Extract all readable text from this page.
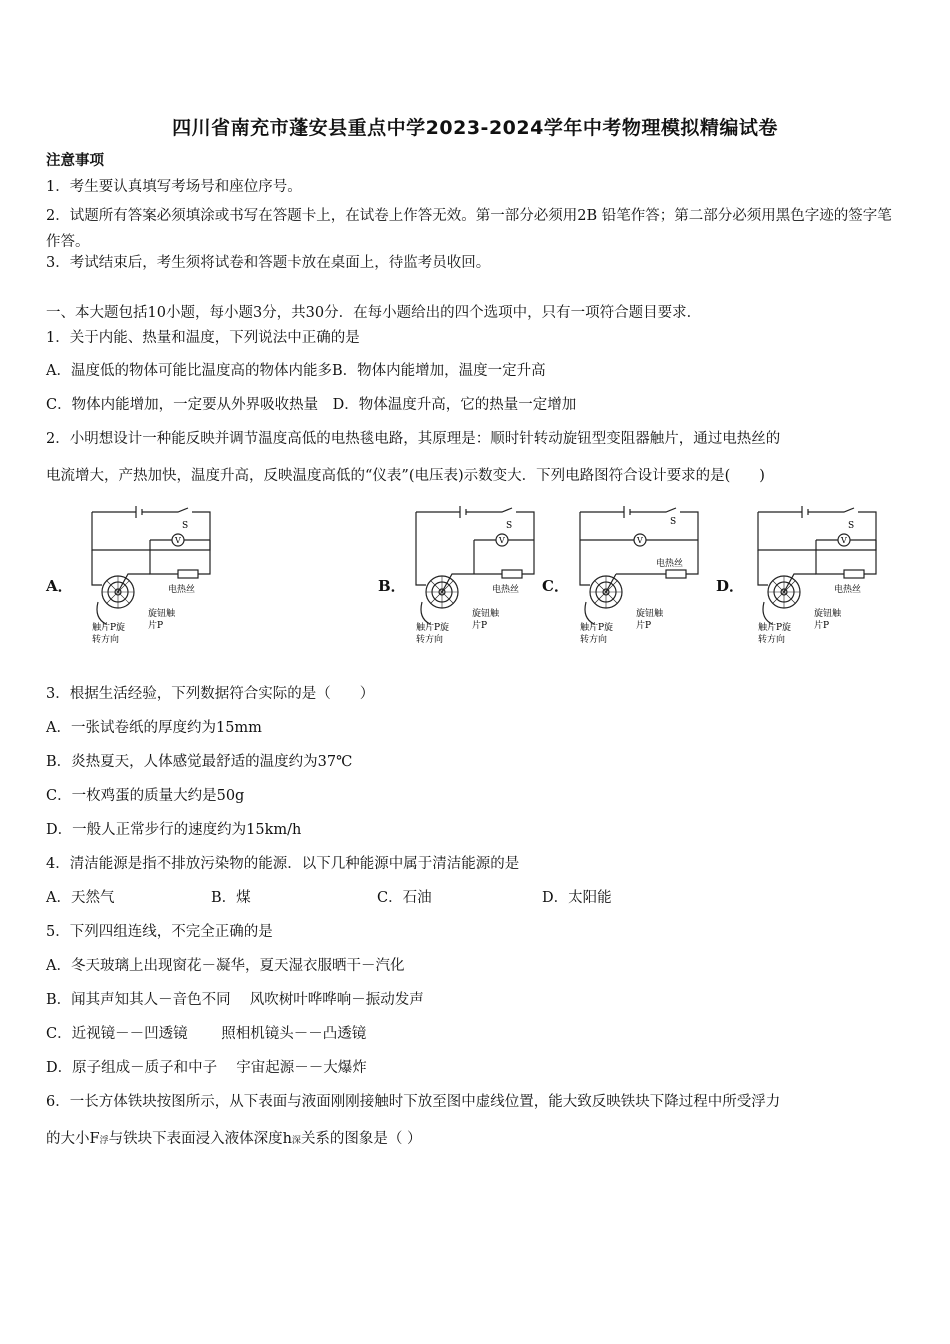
四川省南充市蓬安县重点中学2023-2024学年中考物理模拟精编试卷
注意事项
1．考生要认真填写考场号和座位序号。
2．试题所有答案必须填涂或书写在答题卡上，在试卷上作答无效。第一部分必须用2B 铅笔作答；第二部分必须用黑色字迹的签字笔作答。
3．考试结束后，考生须将试卷和答题卡放在桌面上，待监考员收回。
一、本大题包括10小题，每小题3分，共30分．在每小题给出的四个选项中，只有一项符合题目要求．
1．关于内能、热量和温度，下列说法中正确的是
A．温度低的物体可能比温度高的物体内能多B．物体内能增加，温度一定升高
C．物体内能增加，一定要从外界吸收热量　D．物体温度升高，它的热量一定增加
2．小明想设计一种能反映并调节温度高低的电热毯电路，其原理是：顺时针转动旋钮型变阻器触片，通过电热丝的
电流增大，产热加快，温度升高，反映温度高低的“仪表”(电压表)示数变大．下列电路图符合设计要求的是(　　)
A．	B．	C．	D．
S
V
电热丝
旋钮触
片P
触片P旋
转方向
S
V
电热丝
旋钮触
片P
触片P旋
转方向
S
V
电热丝
旋钮触
片P
触片P旋
转方向
S
V
电热丝
旋钮触
片P
触片P旋
转方向
3．根据生活经验，下列数据符合实际的是（　　）
A．一张试卷纸的厚度约为15mm
B．炎热夏天，人体感觉最舒适的温度约为37℃
C．一枚鸡蛋的质量大约是50g
D．一般人正常步行的速度约为15km/h
4．清洁能源是指不排放污染物的能源．以下几种能源中属于清洁能源的是
A．天然气	B．煤	C．石油	D．太阳能
5．下列四组连线，不完全正确的是
A．冬天玻璃上出现窗花－凝华，夏天湿衣服晒干－汽化
B．闻其声知其人－音色不同　 风吹树叶哗哗响－振动发声
C．近视镜－－凹透镜　　 照相机镜头－－凸透镜
D．原子组成－质子和中子　 宇宙起源－－大爆炸
6．一长方体铁块按图所示，从下表面与液面刚刚接触时下放至图中虚线位置，能大致反映铁块下降过程中所受浮力
的大小F浮与铁块下表面浸入液体深度h深关系的图象是（ ）
